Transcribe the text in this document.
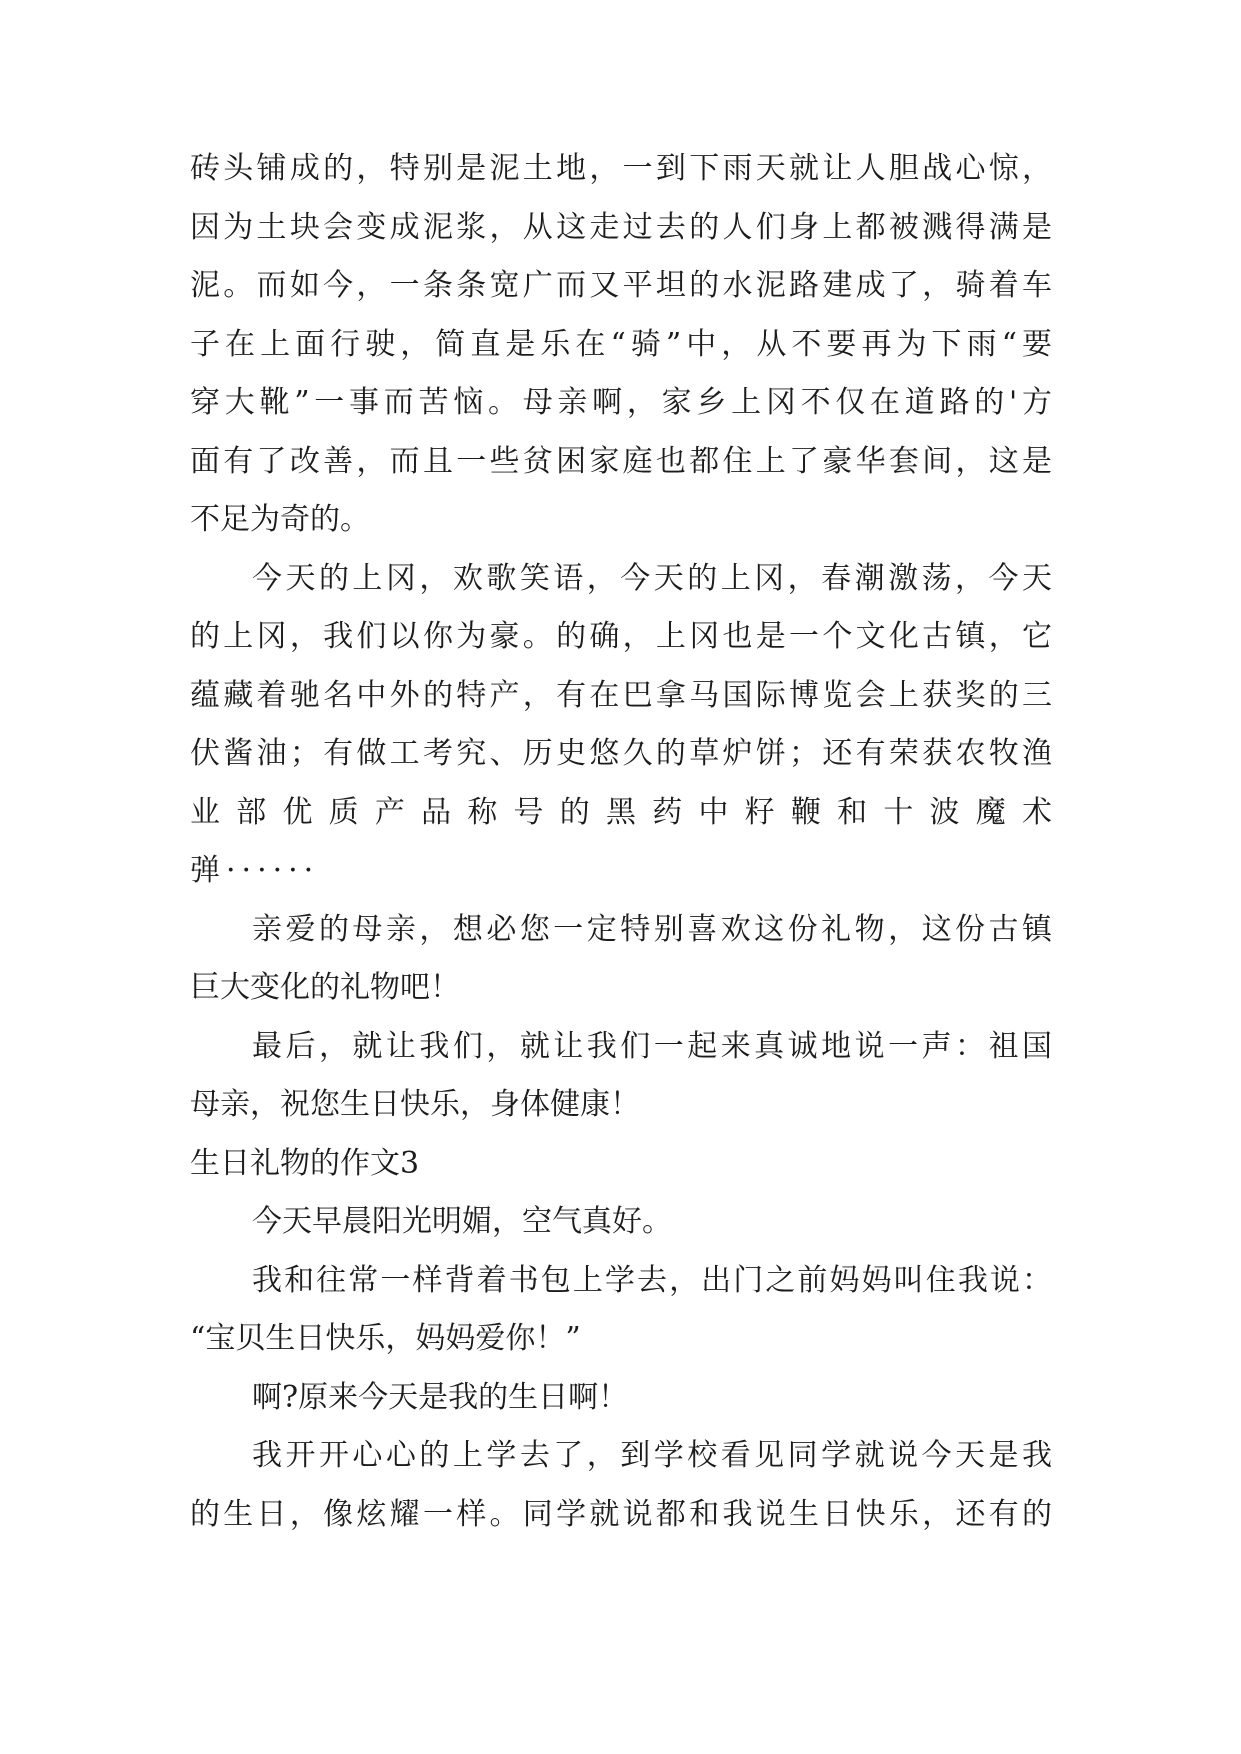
砖头铺成的，特别是泥土地，一到下雨天就让人胆战心惊，
因为土块会变成泥浆，从这走过去的人们身上都被溅得满是
泥。而如今，一条条宽广而又平坦的水泥路建成了，骑着车
子在上面行驶，简直是乐在“骑”中，从不要再为下雨“要
穿大靴”一事而苦恼。母亲啊，家乡上冈不仅在道路的'方
面有了改善，而且一些贫困家庭也都住上了豪华套间，这是
不足为奇的。
今天的上冈，欢歌笑语，今天的上冈，春潮激荡，今天
的上冈，我们以你为豪。的确，上冈也是一个文化古镇，它
蕴藏着驰名中外的特产，有在巴拿马国际博览会上获奖的三
伏酱油；有做工考究、历史悠久的草炉饼；还有荣获农牧渔
业部优质产品称号的黑药中籽鞭和十波魔术
弹······
亲爱的母亲，想必您一定特别喜欢这份礼物，这份古镇
巨大变化的礼物吧！
最后，就让我们，就让我们一起来真诚地说一声：祖国
母亲，祝您生日快乐，身体健康！
生日礼物的作文3
今天早晨阳光明媚，空气真好。
我和往常一样背着书包上学去，出门之前妈妈叫住我说：
“宝贝生日快乐，妈妈爱你！”
啊?原来今天是我的生日啊！
我开开心心的上学去了，到学校看见同学就说今天是我
的生日，像炫耀一样。同学就说都和我说生日快乐，还有的
